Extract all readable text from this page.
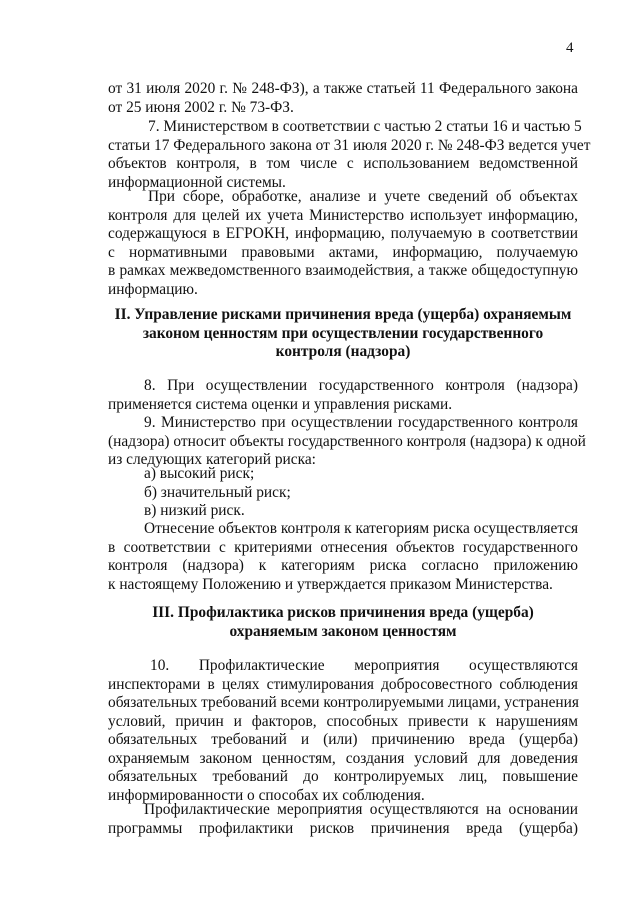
4
от 31 июля 2020 г. № 248-ФЗ), а также статьей 11 Федерального закона
от 25 июня 2002 г. № 73-ФЗ.
7. Министерством в соответствии с частью 2 статьи 16 и частью 5
статьи 17 Федерального закона от 31 июля 2020 г. № 248-ФЗ ведется учет
объектов контроля, в том числе с использованием ведомственной
информационной системы.
При сборе, обработке, анализе и учете сведений об объектах
контроля для целей их учета Министерство использует информацию,
содержащуюся в ЕГРОКН, информацию, получаемую в соответствии
с нормативными правовыми актами, информацию, получаемую
в рамках межведомственного взаимодействия, а также общедоступную
информацию.
II. Управление рисками причинения вреда (ущерба) охраняемым
законом ценностям при осуществлении государственного
контроля (надзора)
8. При осуществлении государственного контроля (надзора)
применяется система оценки и управления рисками.
9. Министерство при осуществлении государственного контроля
(надзора) относит объекты государственного контроля (надзора) к одной
из следующих категорий риска:
а) высокий риск;
б) значительный риск;
в) низкий риск.
Отнесение объектов контроля к категориям риска осуществляется
в соответствии с критериями отнесения объектов государственного
контроля (надзора) к категориям риска согласно приложению
к настоящему Положению и утверждается приказом Министерства.
III. Профилактика рисков причинения вреда (ущерба)
охраняемым законом ценностям
10. Профилактические мероприятия осуществляются
инспекторами в целях стимулирования добросовестного соблюдения
обязательных требований всеми контролируемыми лицами, устранения
условий, причин и факторов, способных привести к нарушениям
обязательных требований и (или) причинению вреда (ущерба)
охраняемым законом ценностям, создания условий для доведения
обязательных требований до контролируемых лиц, повышение
информированности о способах их соблюдения.
Профилактические мероприятия осуществляются на основании
программы профилактики рисков причинения вреда (ущерба)
